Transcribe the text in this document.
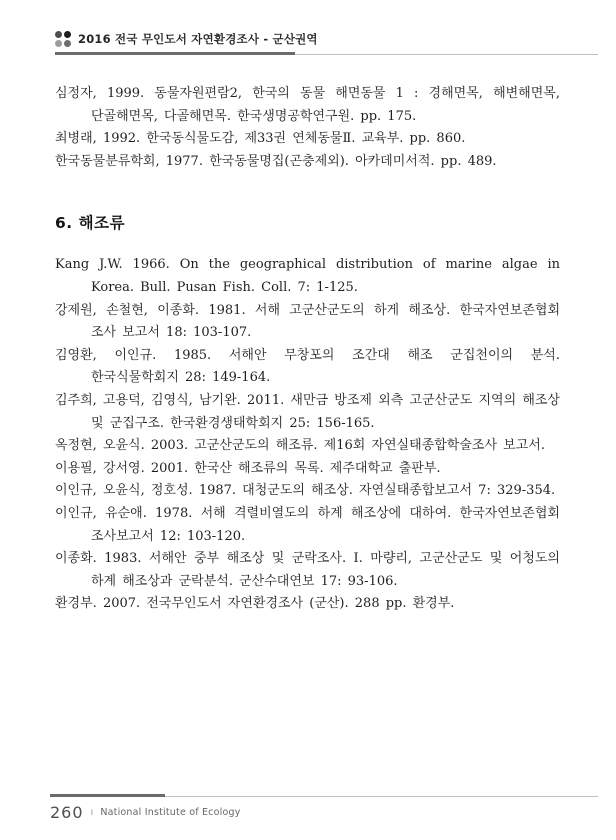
2016 전국 무인도서 자연환경조사 - 군산권역

심정자, 1999. 동물자원편람2, 한국의 동물 해면동물 1 : 경해면목, 해변해면목, 단골해면목, 다골해면목. 한국생명공학연구원. pp. 175.

최병래, 1992. 한국동식물도감, 제33권 연체동물Ⅱ. 교육부. pp. 860.

한국동물분류학회, 1977. 한국동물명집(곤충제외). 아카데미서적. pp. 489.

6. 해조류

Kang J.W. 1966. On the geographical distribution of marine algae in Korea. Bull. Pusan Fish. Coll. 7: 1-125.

강제원, 손철현, 이종화. 1981. 서해 고군산군도의 하게 해조상. 한국자연보존협회 조사 보고서 18: 103-107.

김영환, 이인규. 1985. 서해안 무창포의 조간대 해조 군집천이의 분석. 한국식물학회지 28: 149-164.

김주희, 고용덕, 김영식, 남기완. 2011. 새만금 방조제 외측 고군산군도 지역의 해조상 및 군집구조. 한국환경생태학회지 25: 156-165.

옥정현, 오윤식. 2003. 고군산군도의 해조류. 제16회 자연실태종합학술조사 보고서.

이용필, 강서영. 2001. 한국산 해조류의 목록. 제주대학교 출판부.

이인규, 오윤식, 정호성. 1987. 대청군도의 해조상. 자연실태종합보고서 7: 329-354.

이인규, 유순애. 1978. 서해 격렬비열도의 하계 해조상에 대하여. 한국자연보존협회 조사보고서 12: 103-120.

이종화. 1983. 서해안 중부 해조상 및 군락조사. I. 마량리, 고군산군도 및 어청도의 하계 해조상과 군락분석. 군산수대연보 17: 93-106.

환경부. 2007. 전국무인도서 자연환경조사 (군산). 288 pp. 환경부.

260 ı National Institute of Ecology
